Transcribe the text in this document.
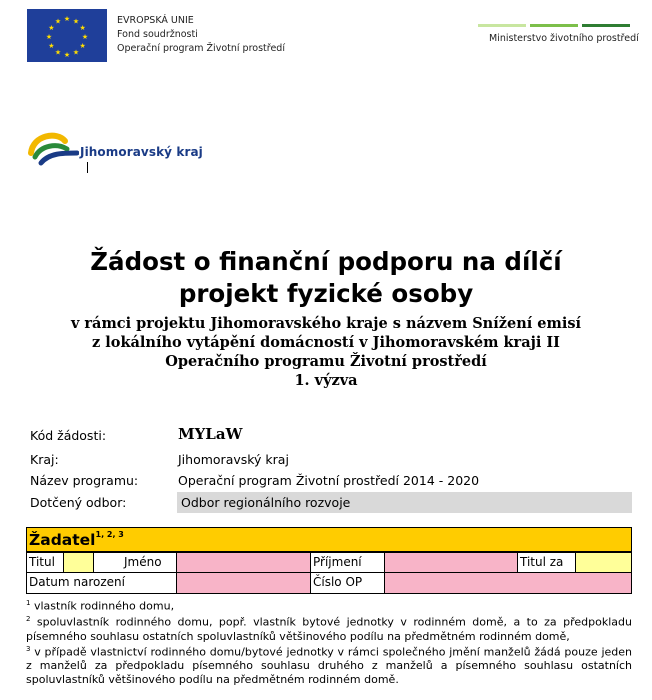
★ ★
★
★
★
★
★
★
★
★
★
★	EVROPSKÁ UNIE
Fond soudržnosti
Operační program Životní prostředí
Ministerstvo životního prostředí
Jihomoravský kraj
Žádost o finanční podporu na dílčí
projekt fyzické osoby
v rámci projektu Jihomoravského kraje s názvem Snížení emisí
z lokálního vytápění domácností v Jihomoravském kraji II
Operačního programu Životní prostředí
1. výzva
Kód žádosti:	MYLaW
Kraj:	Jihomoravský kraj
Název programu:	Operační program Životní prostředí 2014 - 2020
Dotčený odbor:	Odbor regionálního rozvoje
Žadatel$^{1, 2, 3}$
Titul	Jméno	Příjmení	Titul za
Datum narození	Číslo OP

$^1$ vlastník rodinného domu,

$^2$ spoluvlastník rodinného domu, popř. vlastník bytové jednotky v rodinném domě, a to za předpokladu písemného souhlasu ostatních spoluvlastníků většinového podílu na předmětném rodinném domě,

$^3$ v případě vlastnictví rodinného domu/bytové jednotky v rámci společného jmění manželů žádá pouze jeden z manželů za předpokladu písemného souhlasu druhého z manželů a písemného souhlasu ostatních spoluvlastníků většinového podílu na předmětném rodinném domě.
